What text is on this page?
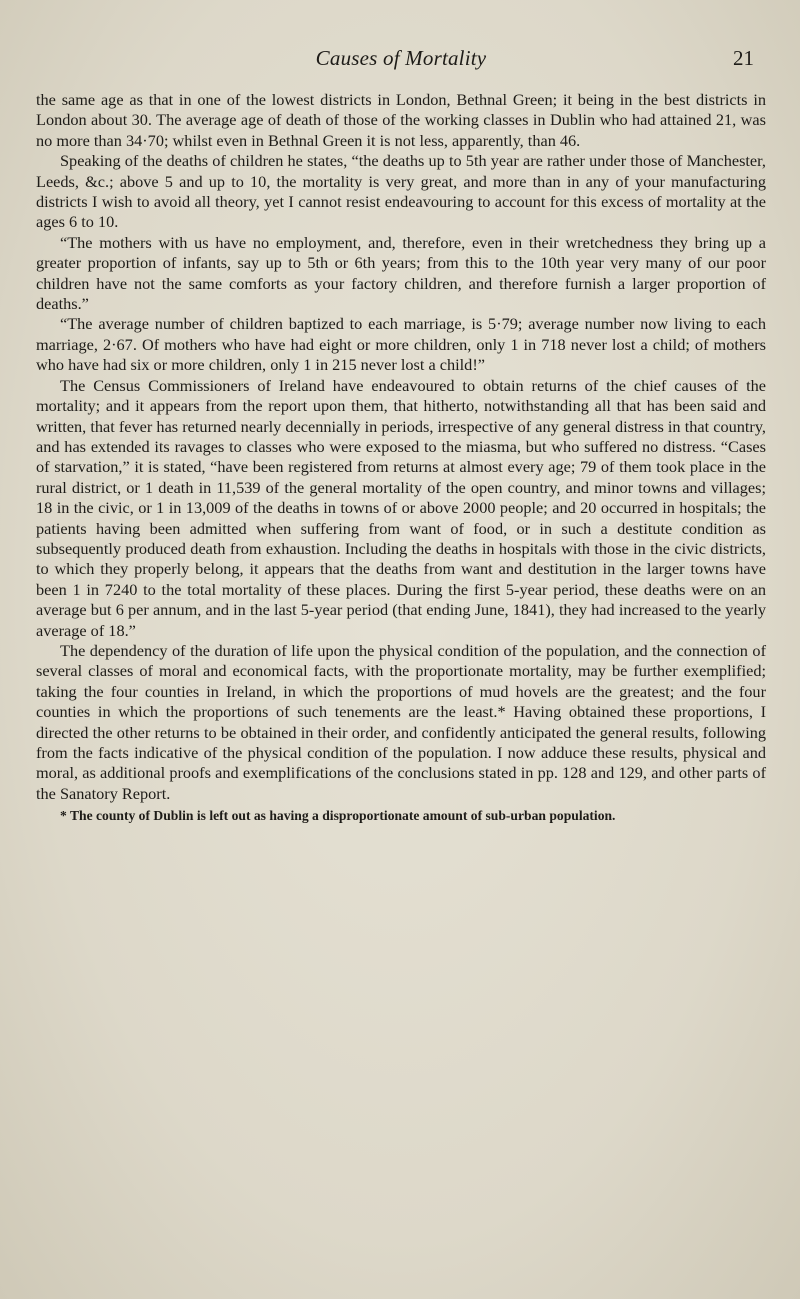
Causes of Mortality	21

the same age as that in one of the lowest districts in London, Bethnal Green; it being in the best districts in London about 30. The average age of death of those of the working classes in Dublin who had attained 21, was no more than 34·70; whilst even in Bethnal Green it is not less, apparently, than 46.

Speaking of the deaths of children he states, “the deaths up to 5th year are rather under those of Manchester, Leeds, &c.; above 5 and up to 10, the mortality is very great, and more than in any of your manufacturing districts I wish to avoid all theory, yet I cannot resist endeavouring to account for this excess of mortality at the ages 6 to 10.

“The mothers with us have no employment, and, therefore, even in their wretchedness they bring up a greater proportion of infants, say up to 5th or 6th years; from this to the 10th year very many of our poor children have not the same comforts as your factory children, and therefore furnish a larger proportion of deaths.”

“The average number of children baptized to each marriage, is 5·79; average number now living to each marriage, 2·67. Of mothers who have had eight or more children, only 1 in 718 never lost a child; of mothers who have had six or more children, only 1 in 215 never lost a child!”

The Census Commissioners of Ireland have endeavoured to obtain returns of the chief causes of the mortality; and it appears from the report upon them, that hitherto, notwithstanding all that has been said and written, that fever has returned nearly decennially in periods, irrespective of any general distress in that country, and has extended its ravages to classes who were exposed to the miasma, but who suffered no distress. “Cases of starvation,” it is stated, “have been registered from returns at almost every age; 79 of them took place in the rural district, or 1 death in 11,539 of the general mortality of the open country, and minor towns and villages; 18 in the civic, or 1 in 13,009 of the deaths in towns of or above 2000 people; and 20 occurred in hospitals; the patients having been admitted when suffering from want of food, or in such a destitute condition as subsequently produced death from exhaustion. Including the deaths in hospitals with those in the civic districts, to which they properly belong, it appears that the deaths from want and destitution in the larger towns have been 1 in 7240 to the total mortality of these places. During the first 5-year period, these deaths were on an average but 6 per annum, and in the last 5-year period (that ending June, 1841), they had increased to the yearly average of 18.”

The dependency of the duration of life upon the physical condition of the population, and the connection of several classes of moral and economical facts, with the proportionate mortality, may be further exemplified; taking the four counties in Ireland, in which the proportions of mud hovels are the greatest; and the four counties in which the proportions of such tenements are the least.* Having obtained these proportions, I directed the other returns to be obtained in their order, and confidently anticipated the general results, following from the facts indicative of the physical condition of the population. I now adduce these results, physical and moral, as additional proofs and exemplifications of the conclusions stated in pp. 128 and 129, and other parts of the Sanatory Report.

* The county of Dublin is left out as having a disproportionate amount of sub-urban population.
